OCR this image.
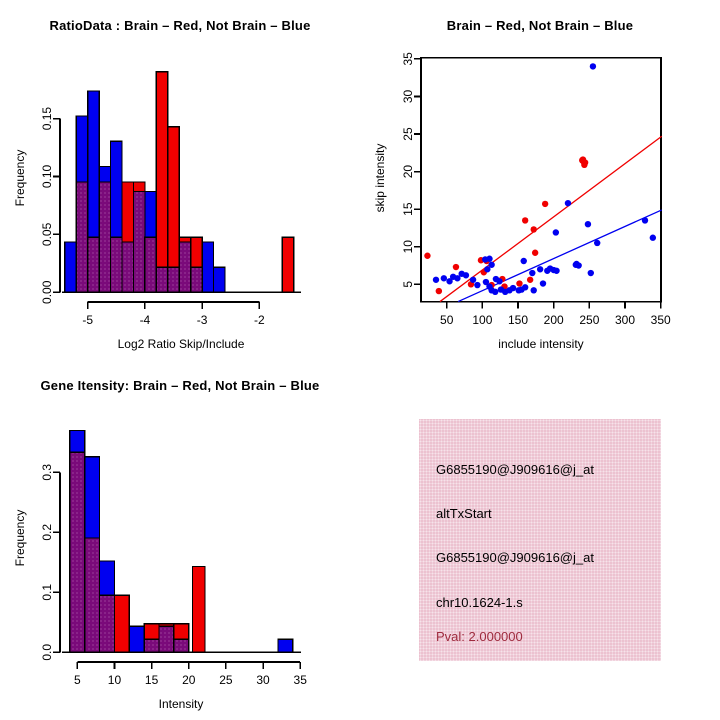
0.00
0.05
0.10
0.15
-5	-4	-3	-2
RatioData : Brain – Red, Not Brain – Blue
Frequency
Log2 Ratio Skip/Include
5
10
15
20
25
30
35
50 100 150 200 250 300 350
Brain – Red, Not Brain – Blue
skip intensity
include intensity
0.0
0.1
0.2
0.3
5 10 15 20 25 30 35
Gene Itensity: Brain – Red, Not Brain – Blue
Frequency
Intensity
G6855190@J909616@j_at
altTxStart
G6855190@J909616@j_at
chr10.1624-1.s
Pval: 2.000000
